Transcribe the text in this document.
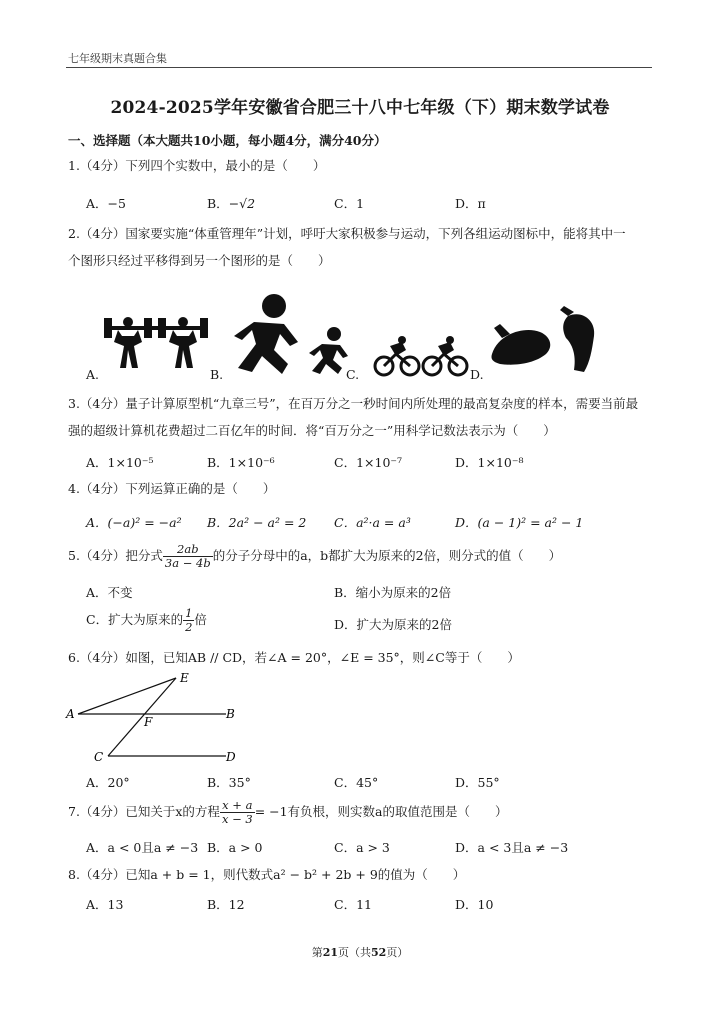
七年级期末真题合集
2024-2025学年安徽省合肥三十八中七年级（下）期末数学试卷
一、选择题（本大题共10小题，每小题4分，满分40分）
1.（4分）下列四个实数中，最小的是（　　）
A．−5	B．−√2	C．1	D．π
2.（4分）国家要实施“体重管理年”计划，呼吁大家积极参与运动，下列各组运动图标中，能将其中一
个图形只经过平移得到另一个图形的是（　　）
A.	B.	C.	D.
3.（4分）量子计算原型机“九章三号”，在百万分之一秒时间内所处理的最高复杂度的样本，需要当前最
强的超级计算机花费超过二百亿年的时间．将“百万分之一”用科学记数法表示为（　　）
A．1×10⁻⁵	B．1×10⁻⁶	C．1×10⁻⁷	D．1×10⁻⁸
4.（4分）下列运算正确的是（　　）
A．(−a)² = −a² B．2a² − a² = 2 C．a²·a = a³	D．(a − 1)² = a² − 1
5.（4分）把分式 $\frac{2ab}{3a - 4b}$ 的分子分母中的a，b都扩大为原来的2倍，则分式的值（　　）
A．不变	B．缩小为原来的2倍
C．扩大为原来的 $\frac{1}{2}$ 倍	D．扩大为原来的2倍
6.（4分）如图，已知AB // CD，若∠A = 20°，∠E = 35°，则∠C等于（　　）
A	B
C	D
E
F
A．20°	B．35°	C．45°	D．55°
7.（4分）已知关于x的方程 $\frac{x + a}{x - 3} = -1$有负根，则实数a的取值范围是（　　）
A．a < 0且a ≠ −3 B．a > 0	C．a > 3	D．a < 3且a ≠ −3
8.（4分）已知a + b = 1，则代数式a² − b² + 2b + 9的值为（　　）
A．13	B．12	C．11	D．10
第21页（共52页）
